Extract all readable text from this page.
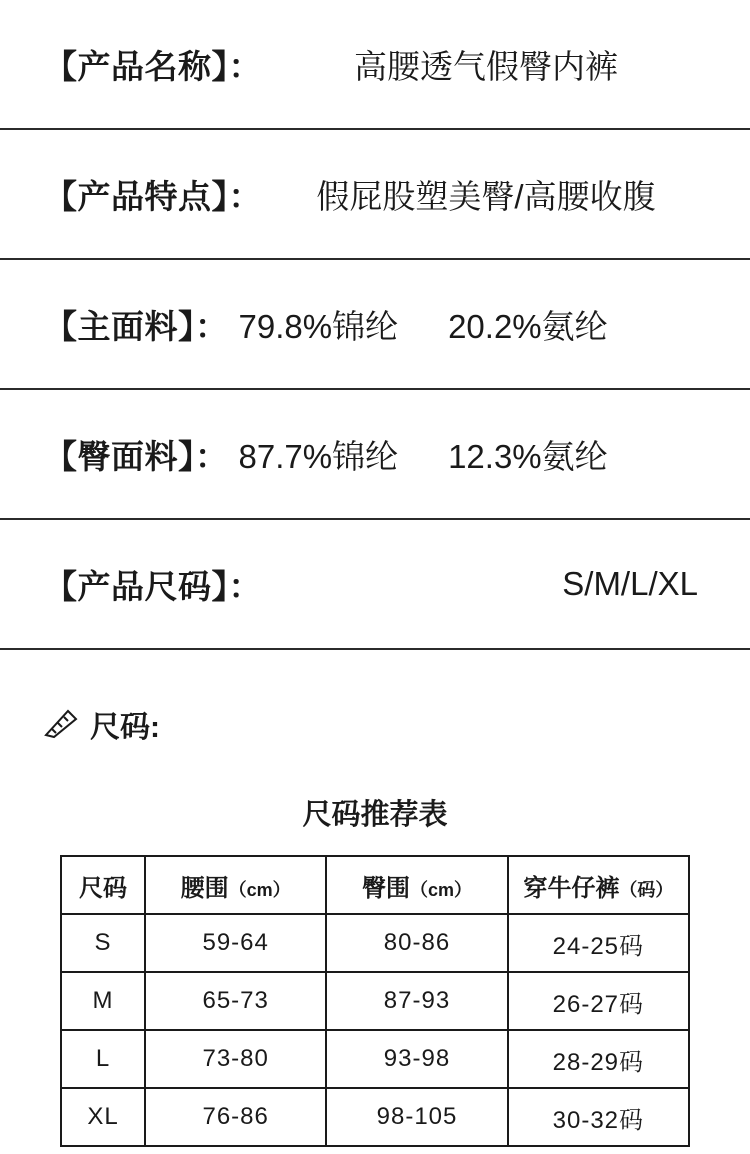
【产品名称】：	高腰透气假臀内裤
【产品特点】：	假屁股塑美臀/高腰收腹
【主面料】： 79.8%锦纶 20.2%氨纶
【臀面料】： 87.7%锦纶 12.3%氨纶
【产品尺码】：	S/M/L/XL
尺码:
尺码推荐表
尺码	腰围（cm）	臀围（cm）	穿牛仔裤（码）
S	59-64	80-86	24-25码
M	65-73	87-93	26-27码
L	73-80	93-98	28-29码
XL	76-86	98-105	30-32码
